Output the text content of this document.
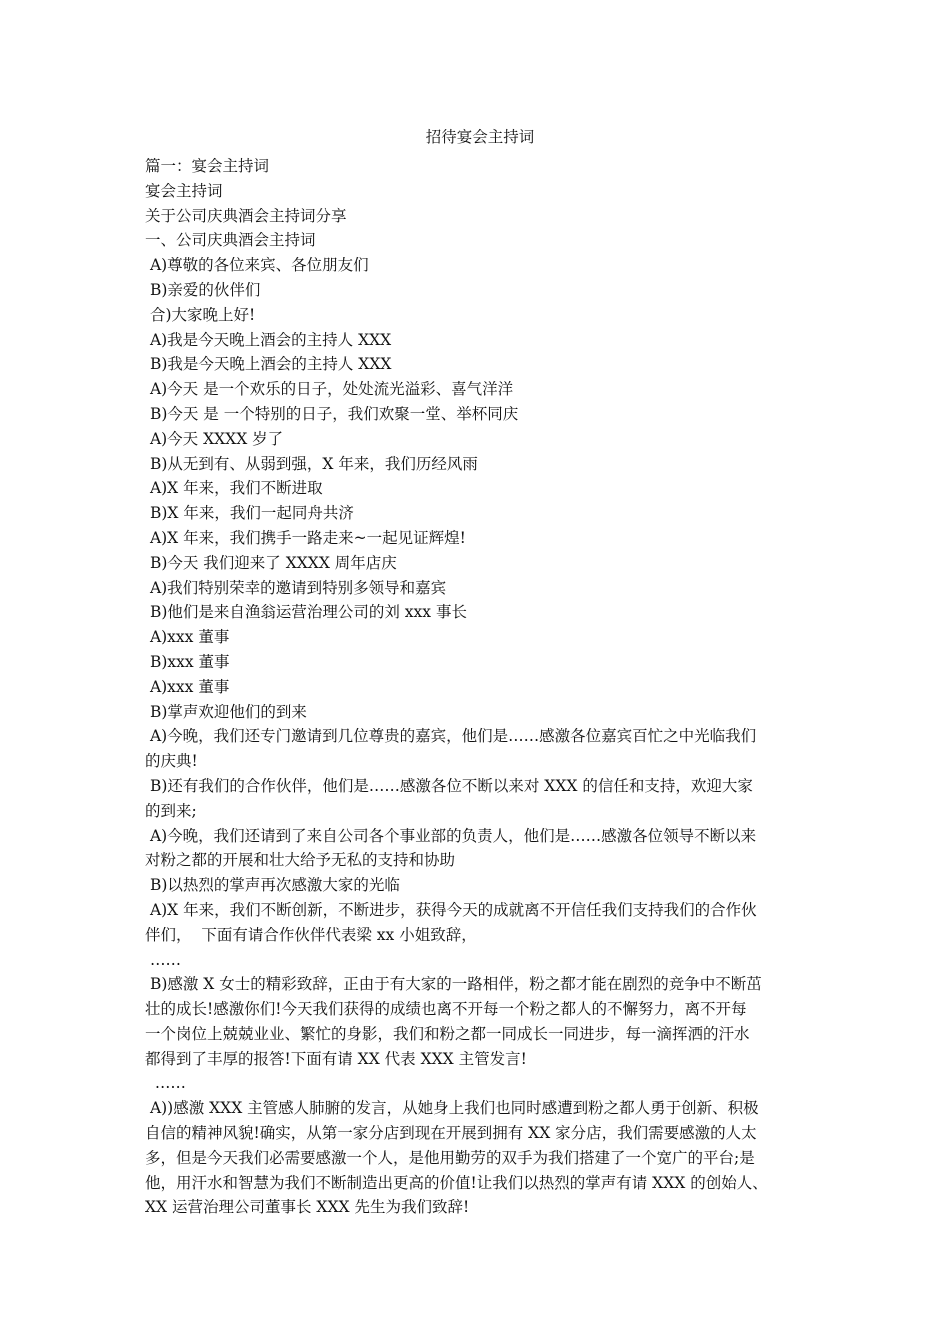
招待宴会主持词

篇一：宴会主持词

宴会主持词

关于公司庆典酒会主持词分享

一、公司庆典酒会主持词

A)尊敬的各位来宾、各位朋友们

B)亲爱的伙伴们

合)大家晚上好!

A)我是今天晚上酒会的主持人 XXX

B)我是今天晚上酒会的主持人 XXX

A)今天 是一个欢乐的日子，处处流光溢彩、喜气洋洋

B)今天 是 一个特别的日子，我们欢聚一堂、举杯同庆

A)今天 XXXX 岁了

B)从无到有、从弱到强，X 年来，我们历经风雨

A)X 年来，我们不断进取

B)X 年来，我们一起同舟共济

A)X 年来，我们携手一路走来~一起见证辉煌!

B)今天 我们迎来了 XXXX 周年店庆

A)我们特别荣幸的邀请到特别多领导和嘉宾

B)他们是来自渔翁运营治理公司的刘 xxx 事长

A)xxx 董事

B)xxx 董事

A)xxx 董事

B)掌声欢迎他们的到来

A)今晚，我们还专门邀请到几位尊贵的嘉宾，他们是……感激各位嘉宾百忙之中光临我们

的庆典!

B)还有我们的合作伙伴，他们是……感激各位不断以来对 XXX 的信任和支持，欢迎大家

的到来;

A)今晚，我们还请到了来自公司各个事业部的负责人，他们是……感激各位领导不断以来

对粉之都的开展和壮大给予无私的支持和协助

B)以热烈的掌声再次感激大家的光临

A)X 年来，我们不断创新，不断进步，获得今天的成就离不开信任我们支持我们的合作伙

伴们，  下面有请合作伙伴代表梁 xx 小姐致辞，

……

B)感激 X 女士的精彩致辞，正由于有大家的一路相伴，粉之都才能在剧烈的竞争中不断茁

壮的成长!感激你们!今天我们获得的成绩也离不开每一个粉之都人的不懈努力，离不开每

一个岗位上兢兢业业、繁忙的身影，我们和粉之都一同成长一同进步，每一滴挥洒的汗水

都得到了丰厚的报答!下面有请 XX 代表 XXX 主管发言!

……

A))感激 XXX 主管感人肺腑的发言，从她身上我们也同时感遭到粉之都人勇于创新、积极

自信的精神风貌!确实，从第一家分店到现在开展到拥有 XX 家分店，我们需要感激的人太

多，但是今天我们必需要感激一个人，是他用勤劳的双手为我们搭建了一个宽广的平台;是

他，用汗水和智慧为我们不断制造出更高的价值!让我们以热烈的掌声有请 XXX 的创始人、

XX 运营治理公司董事长 XXX 先生为我们致辞!
